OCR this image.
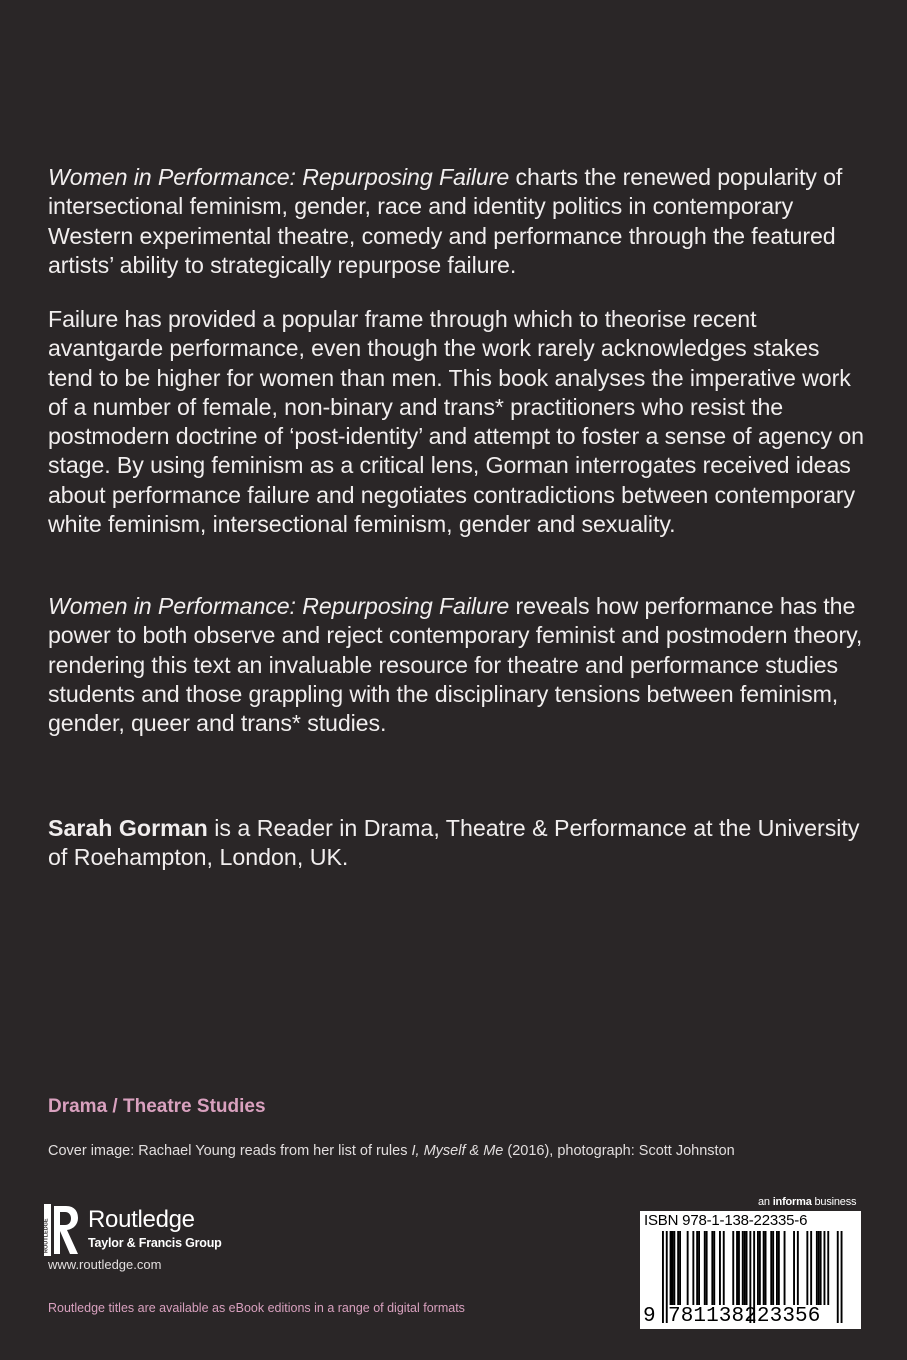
Women in Performance: Repurposing Failure charts the renewed popularity of intersectional feminism, gender, race and identity politics in contemporary Western experimental theatre, comedy and performance through the featured artists’ ability to strategically repurpose failure.

Failure has provided a popular frame through which to theorise recent avantgarde performance, even though the work rarely acknowledges stakes tend to be higher for women than men. This book analyses the imperative work of a number of female, non-binary and trans* practitioners who resist the postmodern doctrine of ‘post-identity’ and attempt to foster a sense of agency on stage. By using feminism as a critical lens, Gorman interrogates received ideas about performance failure and negotiates contradictions between contemporary white feminism, intersectional feminism, gender and sexuality.

Women in Performance: Repurposing Failure reveals how performance has the power to both observe and reject contemporary feminist and postmodern theory, rendering this text an invaluable resource for theatre and performance studies students and those grappling with the disciplinary tensions between feminism, gender, queer and trans* studies.

Sarah Gorman is a Reader in Drama, Theatre & Performance at the University of Roehampton, London, UK.

Drama / Theatre Studies
Cover image: Rachael Young reads from her list of rules I, Myself & Me (2016), photograph: Scott Johnston
ROUTLEDGE Routledge
Taylor & Francis Group
www.routledge.com
Routledge titles are available as eBook editions in a range of digital formats
an informa business
ISBN 978-1-138-22335-6
9 781138223356
